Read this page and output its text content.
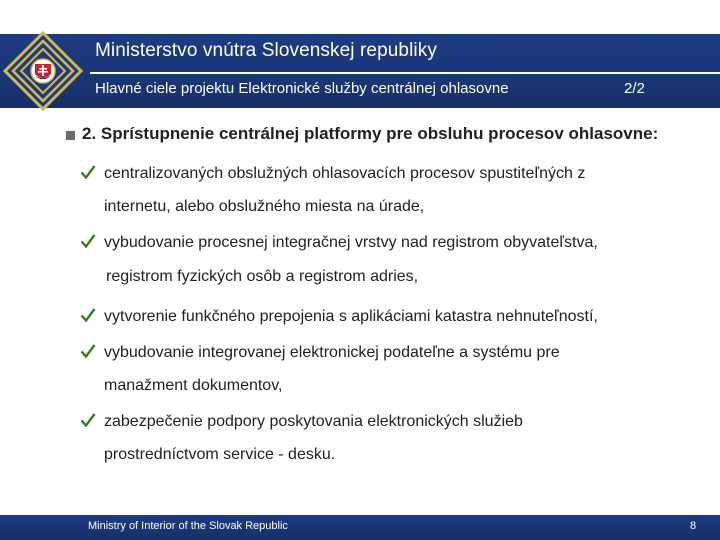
Ministerstvo vnútra Slovenskej republiky
Hlavné ciele projektu Elektronické služby centrálnej ohlasovne	2/2
2. Sprístupnenie centrálnej platformy pre obsluhu procesov ohlasovne:
centralizovaných obslužných ohlasovacích procesov spustiteľných z
internetu, alebo obslužného miesta na úrade,
vybudovanie procesnej integračnej vrstvy nad registrom obyvateľstva,
registrom fyzických osôb a registrom adries,
vytvorenie funkčného prepojenia s aplikáciami katastra nehnuteľností,
vybudovanie integrovanej elektronickej podateľne a systému pre
manažment dokumentov,
zabezpečenie podpory poskytovania elektronických služieb
prostredníctvom service - desku.
Ministry of Interior of the Slovak Republic	8
